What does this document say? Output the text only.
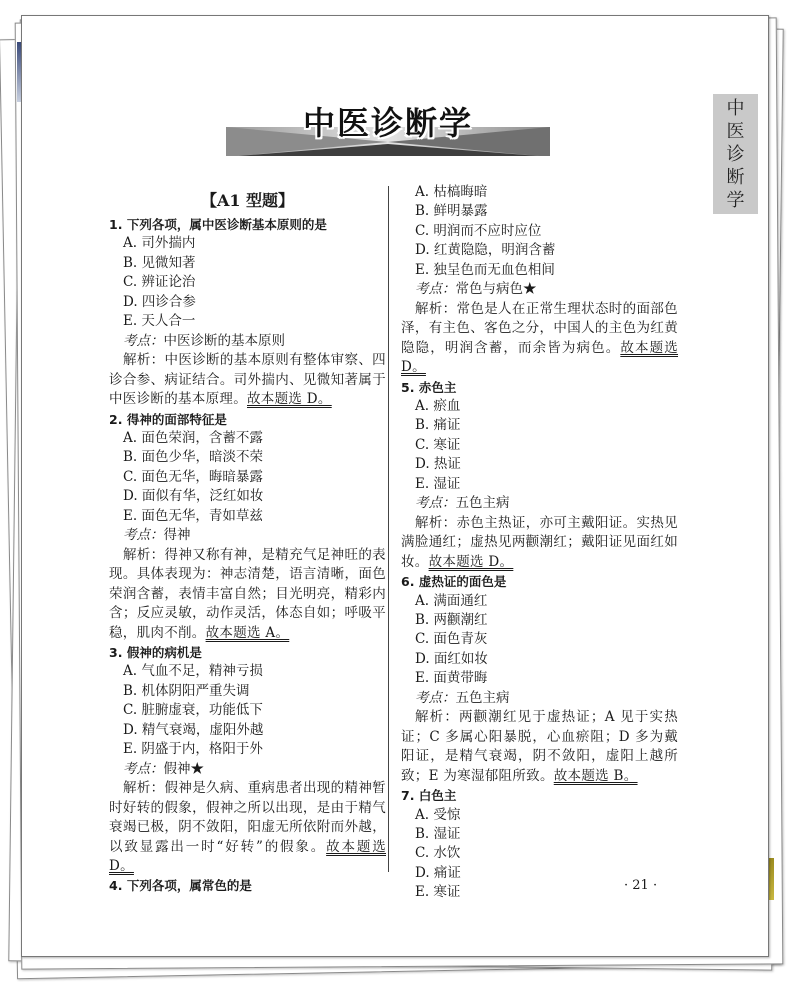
中医诊断学	中
医
诊
断
学
【A1 型题】
1. 下列各项，属中医诊断基本原则的是
A. 司外揣内
B. 见微知著
C. 辨证论治
D. 四诊合参
E. 天人合一
考点：中医诊断的基本原则
解析：中医诊断的基本原则有整体审察、四诊合参、病证结合。司外揣内、见微知著属于中医诊断的基本原理。故本题选 D。
2. 得神的面部特征是
A. 面色荣润，含蓄不露
B. 面色少华，暗淡不荣
C. 面色无华，晦暗暴露
D. 面似有华，泛红如妆
E. 面色无华，青如草兹
考点：得神
解析：得神又称有神，是精充气足神旺的表现。具体表现为：神志清楚，语言清晰，面色荣润含蓄，表情丰富自然；目光明亮，精彩内含；反应灵敏，动作灵活，体态自如；呼吸平稳，肌肉不削。故本题选 A。
3. 假神的病机是
A. 气血不足，精神亏损
B. 机体阴阳严重失调
C. 脏腑虚衰，功能低下
D. 精气衰竭，虚阳外越
E. 阴盛于内，格阳于外
考点：假神★
解析：假神是久病、重病患者出现的精神暂时好转的假象，假神之所以出现，是由于精气衰竭已极，阴不敛阳，阳虚无所依附而外越，以致显露出一时“好转”的假象。故本题选 D。
4. 下列各项，属常色的是
A. 枯槁晦暗
B. 鲜明暴露
C. 明润而不应时应位
D. 红黄隐隐，明润含蓄
E. 独呈色而无血色相间
考点：常色与病色★
解析：常色是人在正常生理状态时的面部色泽，有主色、客色之分，中国人的主色为红黄隐隐，明润含蓄，而余皆为病色。故本题选 D。
5. 赤色主
A. 瘀血
B. 痛证
C. 寒证
D. 热证
E. 湿证
考点：五色主病
解析：赤色主热证，亦可主戴阳证。实热见满脸通红；虚热见两颧潮红；戴阳证见面红如妆。故本题选 D。
6. 虚热证的面色是
A. 满面通红
B. 两颧潮红
C. 面色青灰
D. 面红如妆
E. 面黄带晦
考点：五色主病
解析：两颧潮红见于虚热证；A 见于实热证；C 多属心阳暴脱，心血瘀阻；D 多为戴阳证，是精气衰竭，阴不敛阳，虚阳上越所致；E 为寒湿郁阻所致。故本题选 B。
7. 白色主
A. 受惊
B. 湿证
C. 水饮
D. 痛证
E. 寒证	· 21 ·
